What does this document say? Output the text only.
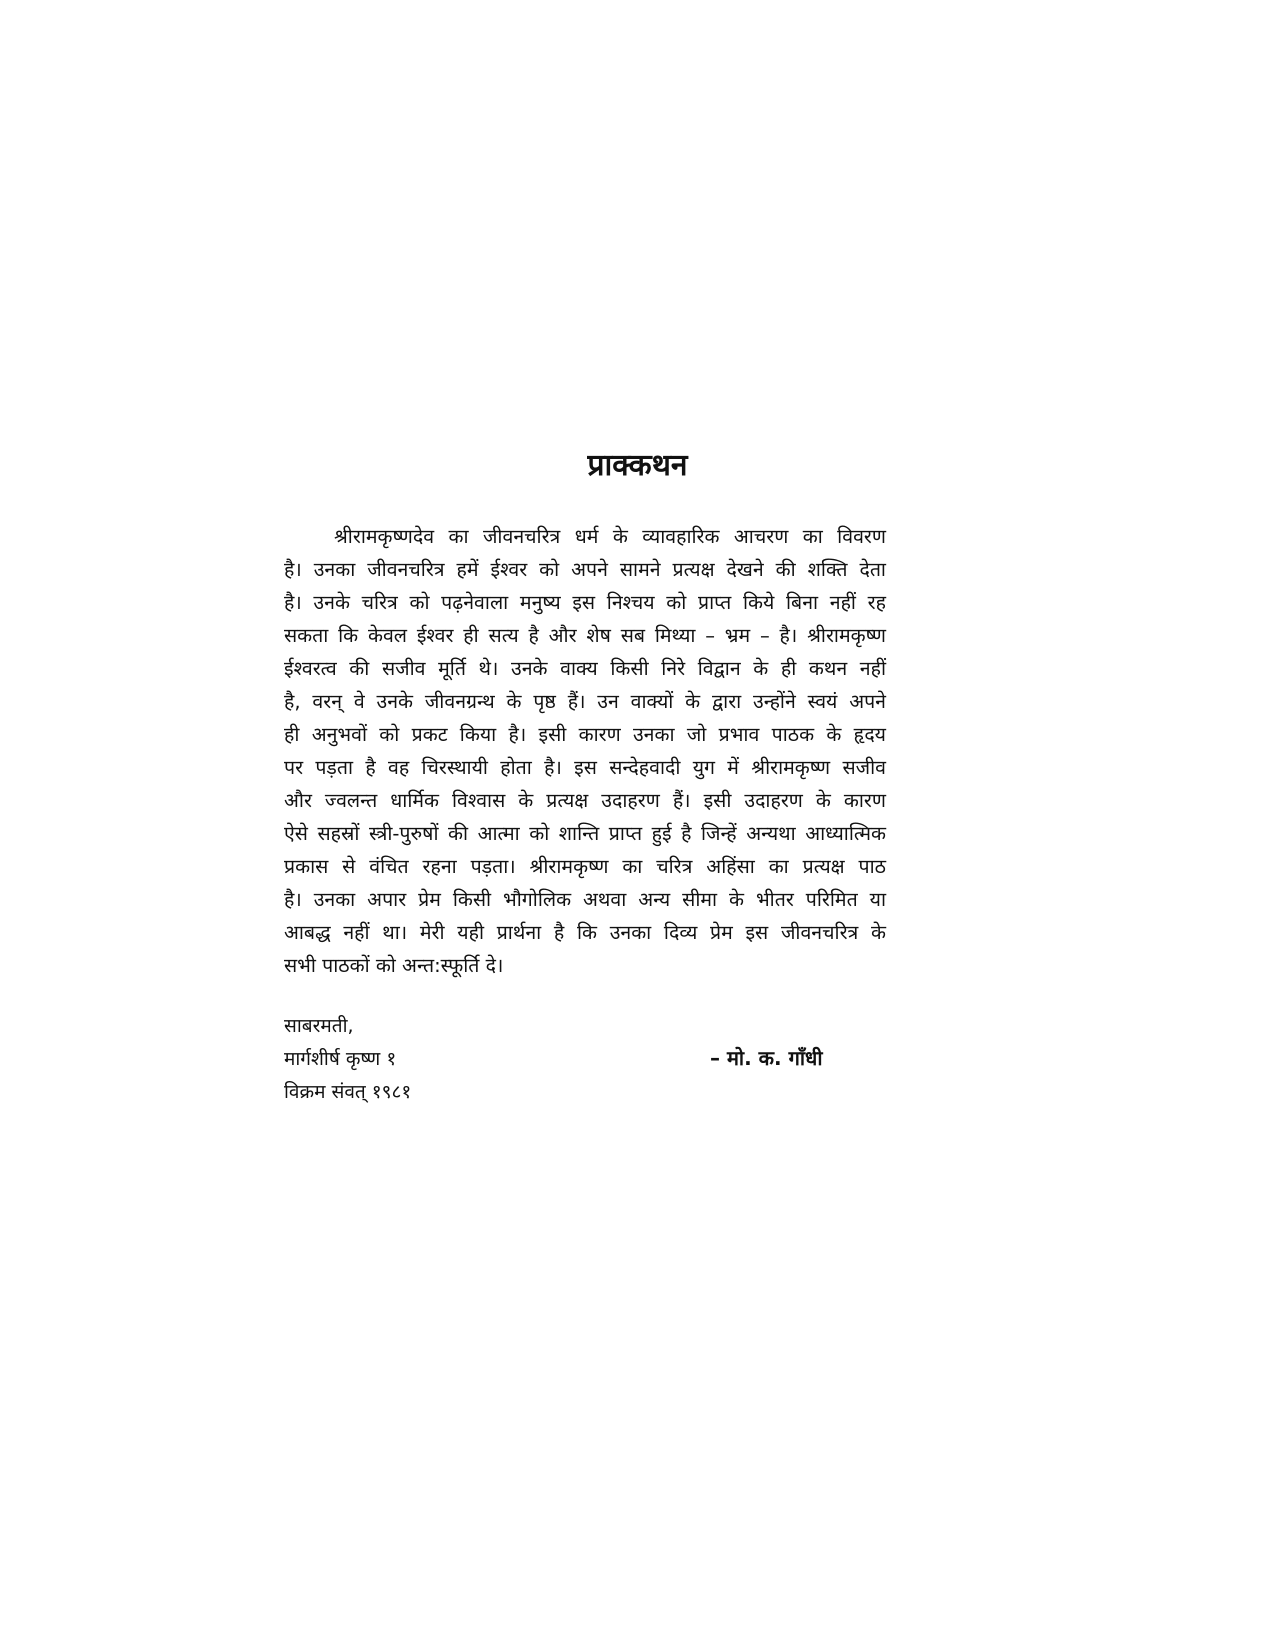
प्राक्कथन
श्रीरामकृष्णदेव का जीवनचरित्र धर्म के व्यावहारिक आचरण का विवरण
है। उनका जीवनचरित्र हमें ईश्वर को अपने सामने प्रत्यक्ष देखने की शक्ति देता
है। उनके चरित्र को पढ़नेवाला मनुष्य इस निश्चय को प्राप्त किये बिना नहीं रह
सकता कि केवल ईश्वर ही सत्य है और शेष सब मिथ्या – भ्रम – है। श्रीरामकृष्ण
ईश्वरत्व की सजीव मूर्ति थे। उनके वाक्य किसी निरे विद्वान के ही कथन नहीं
है, वरन् वे उनके जीवनग्रन्थ के पृष्ठ हैं। उन वाक्यों के द्वारा उन्होंने स्वयं अपने
ही अनुभवों को प्रकट किया है। इसी कारण उनका जो प्रभाव पाठक के हृदय
पर पड़ता है वह चिरस्थायी होता है। इस सन्देहवादी युग में श्रीरामकृष्ण सजीव
और ज्वलन्त धार्मिक विश्वास के प्रत्यक्ष उदाहरण हैं। इसी उदाहरण के कारण
ऐसे सहस्रों स्त्री-पुरुषों की आत्मा को शान्ति प्राप्त हुई है जिन्हें अन्यथा आध्यात्मिक
प्रकास से वंचित रहना पड़ता। श्रीरामकृष्ण का चरित्र अहिंसा का प्रत्यक्ष पाठ
है। उनका अपार प्रेम किसी भौगोलिक अथवा अन्य सीमा के भीतर परिमित या
आबद्ध नहीं था। मेरी यही प्रार्थना है कि उनका दिव्य प्रेम इस जीवनचरित्र के
सभी पाठकों को अन्त:स्फूर्ति दे।
साबरमती,
मार्गशीर्ष कृष्ण १
विक्रम संवत् १९८१
– मो. क. गाँधी
